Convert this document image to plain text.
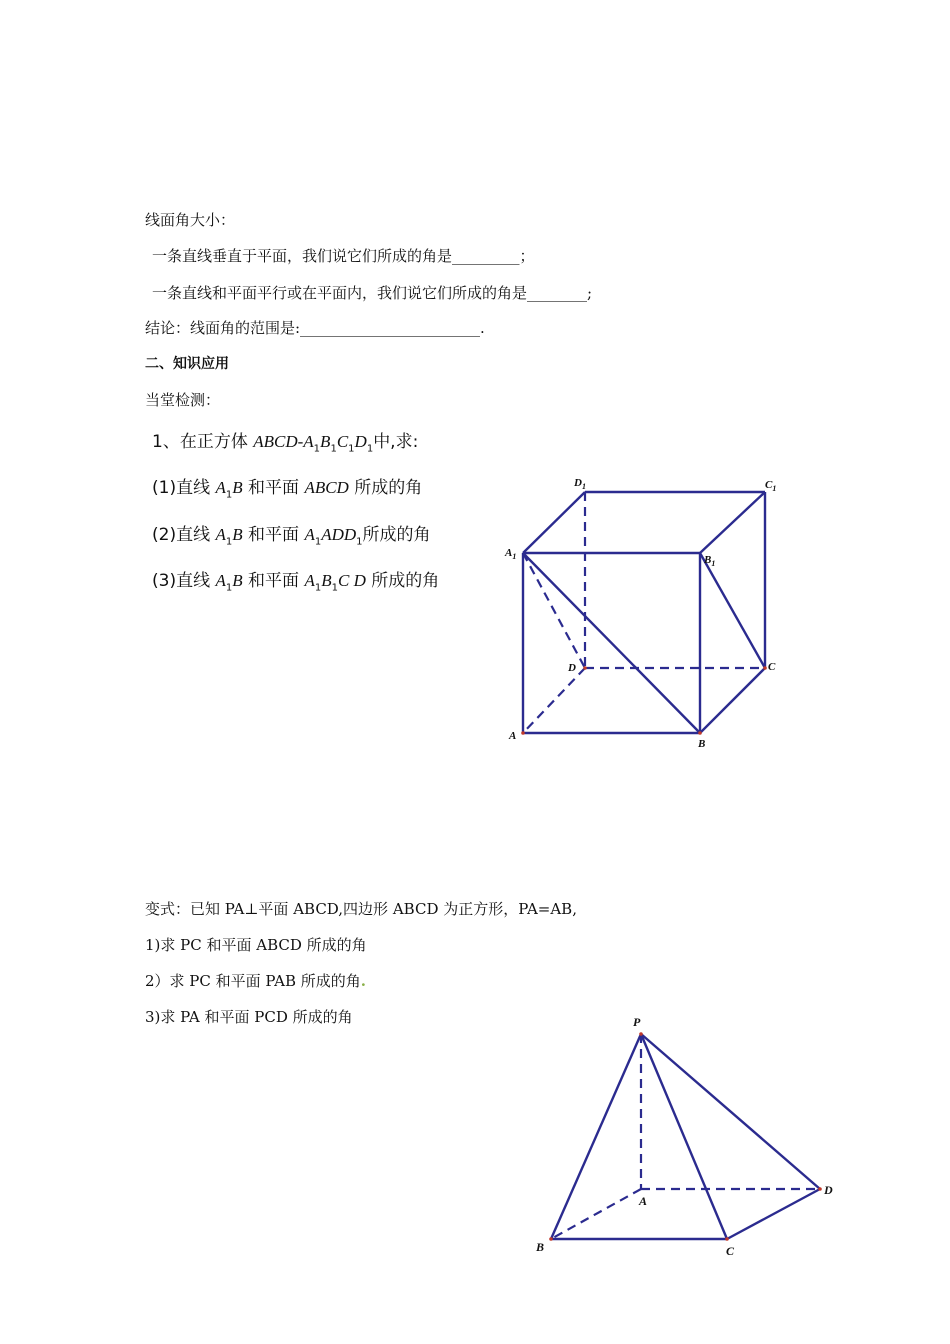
线面角大小：
一条直线垂直于平面，我们说它们所成的角是_________；
一条直线和平面平行或在平面内，我们说它们所成的角是________;
结论：线面角的范围是:________________________.
二、知识应用
当堂检测：
1、在正方体 ABCD-$A_1B_1C_1D_1$中,求:
(1)直线 $A_1B$ 和平面 ABCD 所成的角
(2)直线 $A_1B$ 和平面 $A_1ADD_1$所成的角
(3)直线 $A_1B$ 和平面 $A_1B_1C$ D 所成的角
$D_1$	$C_1$
$A_1$	$B_1$
D	C
A
B
变式：已知 PA⊥平面 ABCD,四边形 ABCD 为正方形，PA=AB,
1)求 PC 和平面 ABCD 所成的角
2）求 PC 和平面 PAB 所成的角.
3)求 PA 和平面 PCD 所成的角	P
A
B	C
D
